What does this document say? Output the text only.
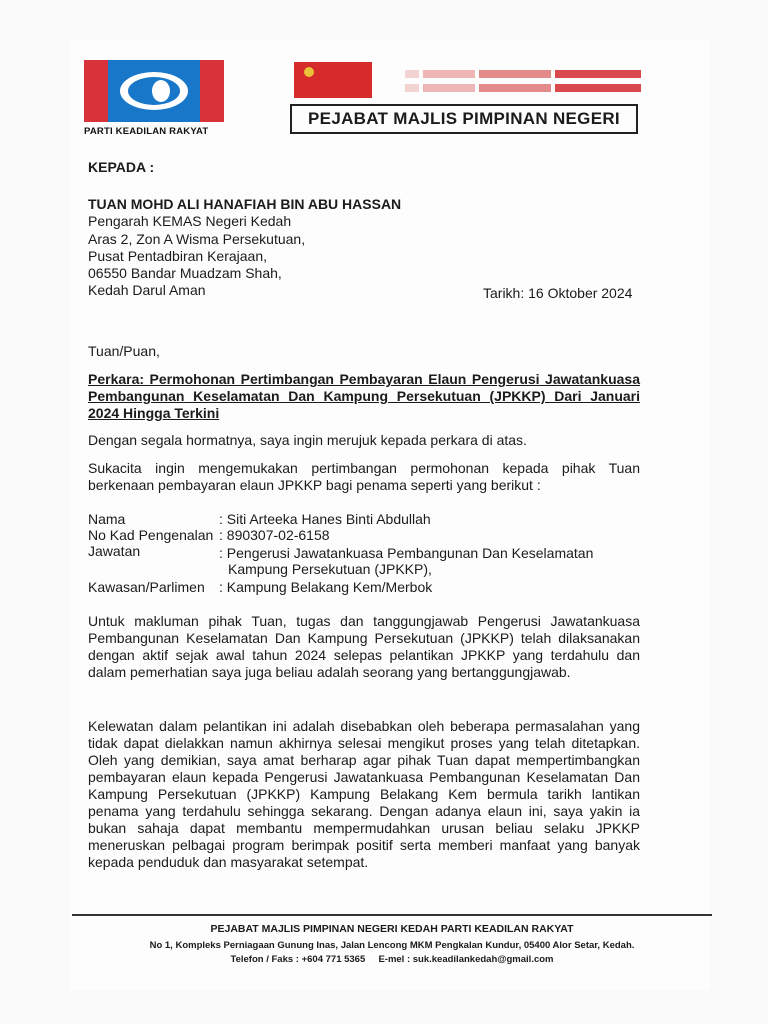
PARTI KEADILAN RAKYAT
PEJABAT MAJLIS PIMPINAN NEGERI
KEPADA :
TUAN MOHD ALI HANAFIAH BIN ABU HASSAN
Pengarah KEMAS Negeri Kedah
Aras 2, Zon A Wisma Persekutuan,
Pusat Pentadbiran Kerajaan,
06550 Bandar Muadzam Shah,
Kedah Darul Aman	Tarikh: 16 Oktober 2024
Tuan/Puan,
Perkara: Permohonan Pertimbangan Pembayaran Elaun Pengerusi Jawatankuasa Pembangunan Keselamatan Dan Kampung Persekutuan (JPKKP) Dari Januari 2024 Hingga Terkini
Dengan segala hormatnya, saya ingin merujuk kepada perkara di atas.
Sukacita ingin mengemukakan pertimbangan permohonan kepada pihak Tuan berkenaan pembayaran elaun JPKKP bagi penama seperti yang berikut :
Nama	: Siti Arteeka Hanes Binti Abdullah
No Kad Pengenalan : 890307-02-6158
Jawatan	: Pengerusi Jawatankuasa Pembangunan Dan Keselamatan
Kampung Persekutuan (JPKKP),
Kawasan/Parlimen : Kampung Belakang Kem/Merbok
Untuk makluman pihak Tuan, tugas dan tanggungjawab Pengerusi Jawatankuasa Pembangunan Keselamatan Dan Kampung Persekutuan (JPKKP) telah dilaksanakan dengan aktif sejak awal tahun 2024 selepas pelantikan JPKKP yang terdahulu dan dalam pemerhatian saya juga beliau adalah seorang yang bertanggungjawab.
Kelewatan dalam pelantikan ini adalah disebabkan oleh beberapa permasalahan yang tidak dapat dielakkan namun akhirnya selesai mengikut proses yang telah ditetapkan. Oleh yang demikian, saya amat berharap agar pihak Tuan dapat mempertimbangkan pembayaran elaun kepada Pengerusi Jawatankuasa Pembangunan Keselamatan Dan Kampung Persekutuan (JPKKP) Kampung Belakang Kem bermula tarikh lantikan penama yang terdahulu sehingga sekarang. Dengan adanya elaun ini, saya yakin ia bukan sahaja dapat membantu mempermudahkan urusan beliau selaku JPKKP meneruskan pelbagai program berimpak positif serta memberi manfaat yang banyak kepada penduduk dan masyarakat setempat.
PEJABAT MAJLIS PIMPINAN NEGERI KEDAH PARTI KEADILAN RAKYAT
No 1, Kompleks Perniagaan Gunung Inas, Jalan Lencong MKM Pengkalan Kundur, 05400 Alor Setar, Kedah.
Telefon / Faks : +604 771 5365     E-mel : suk.keadilankedah@gmail.com
